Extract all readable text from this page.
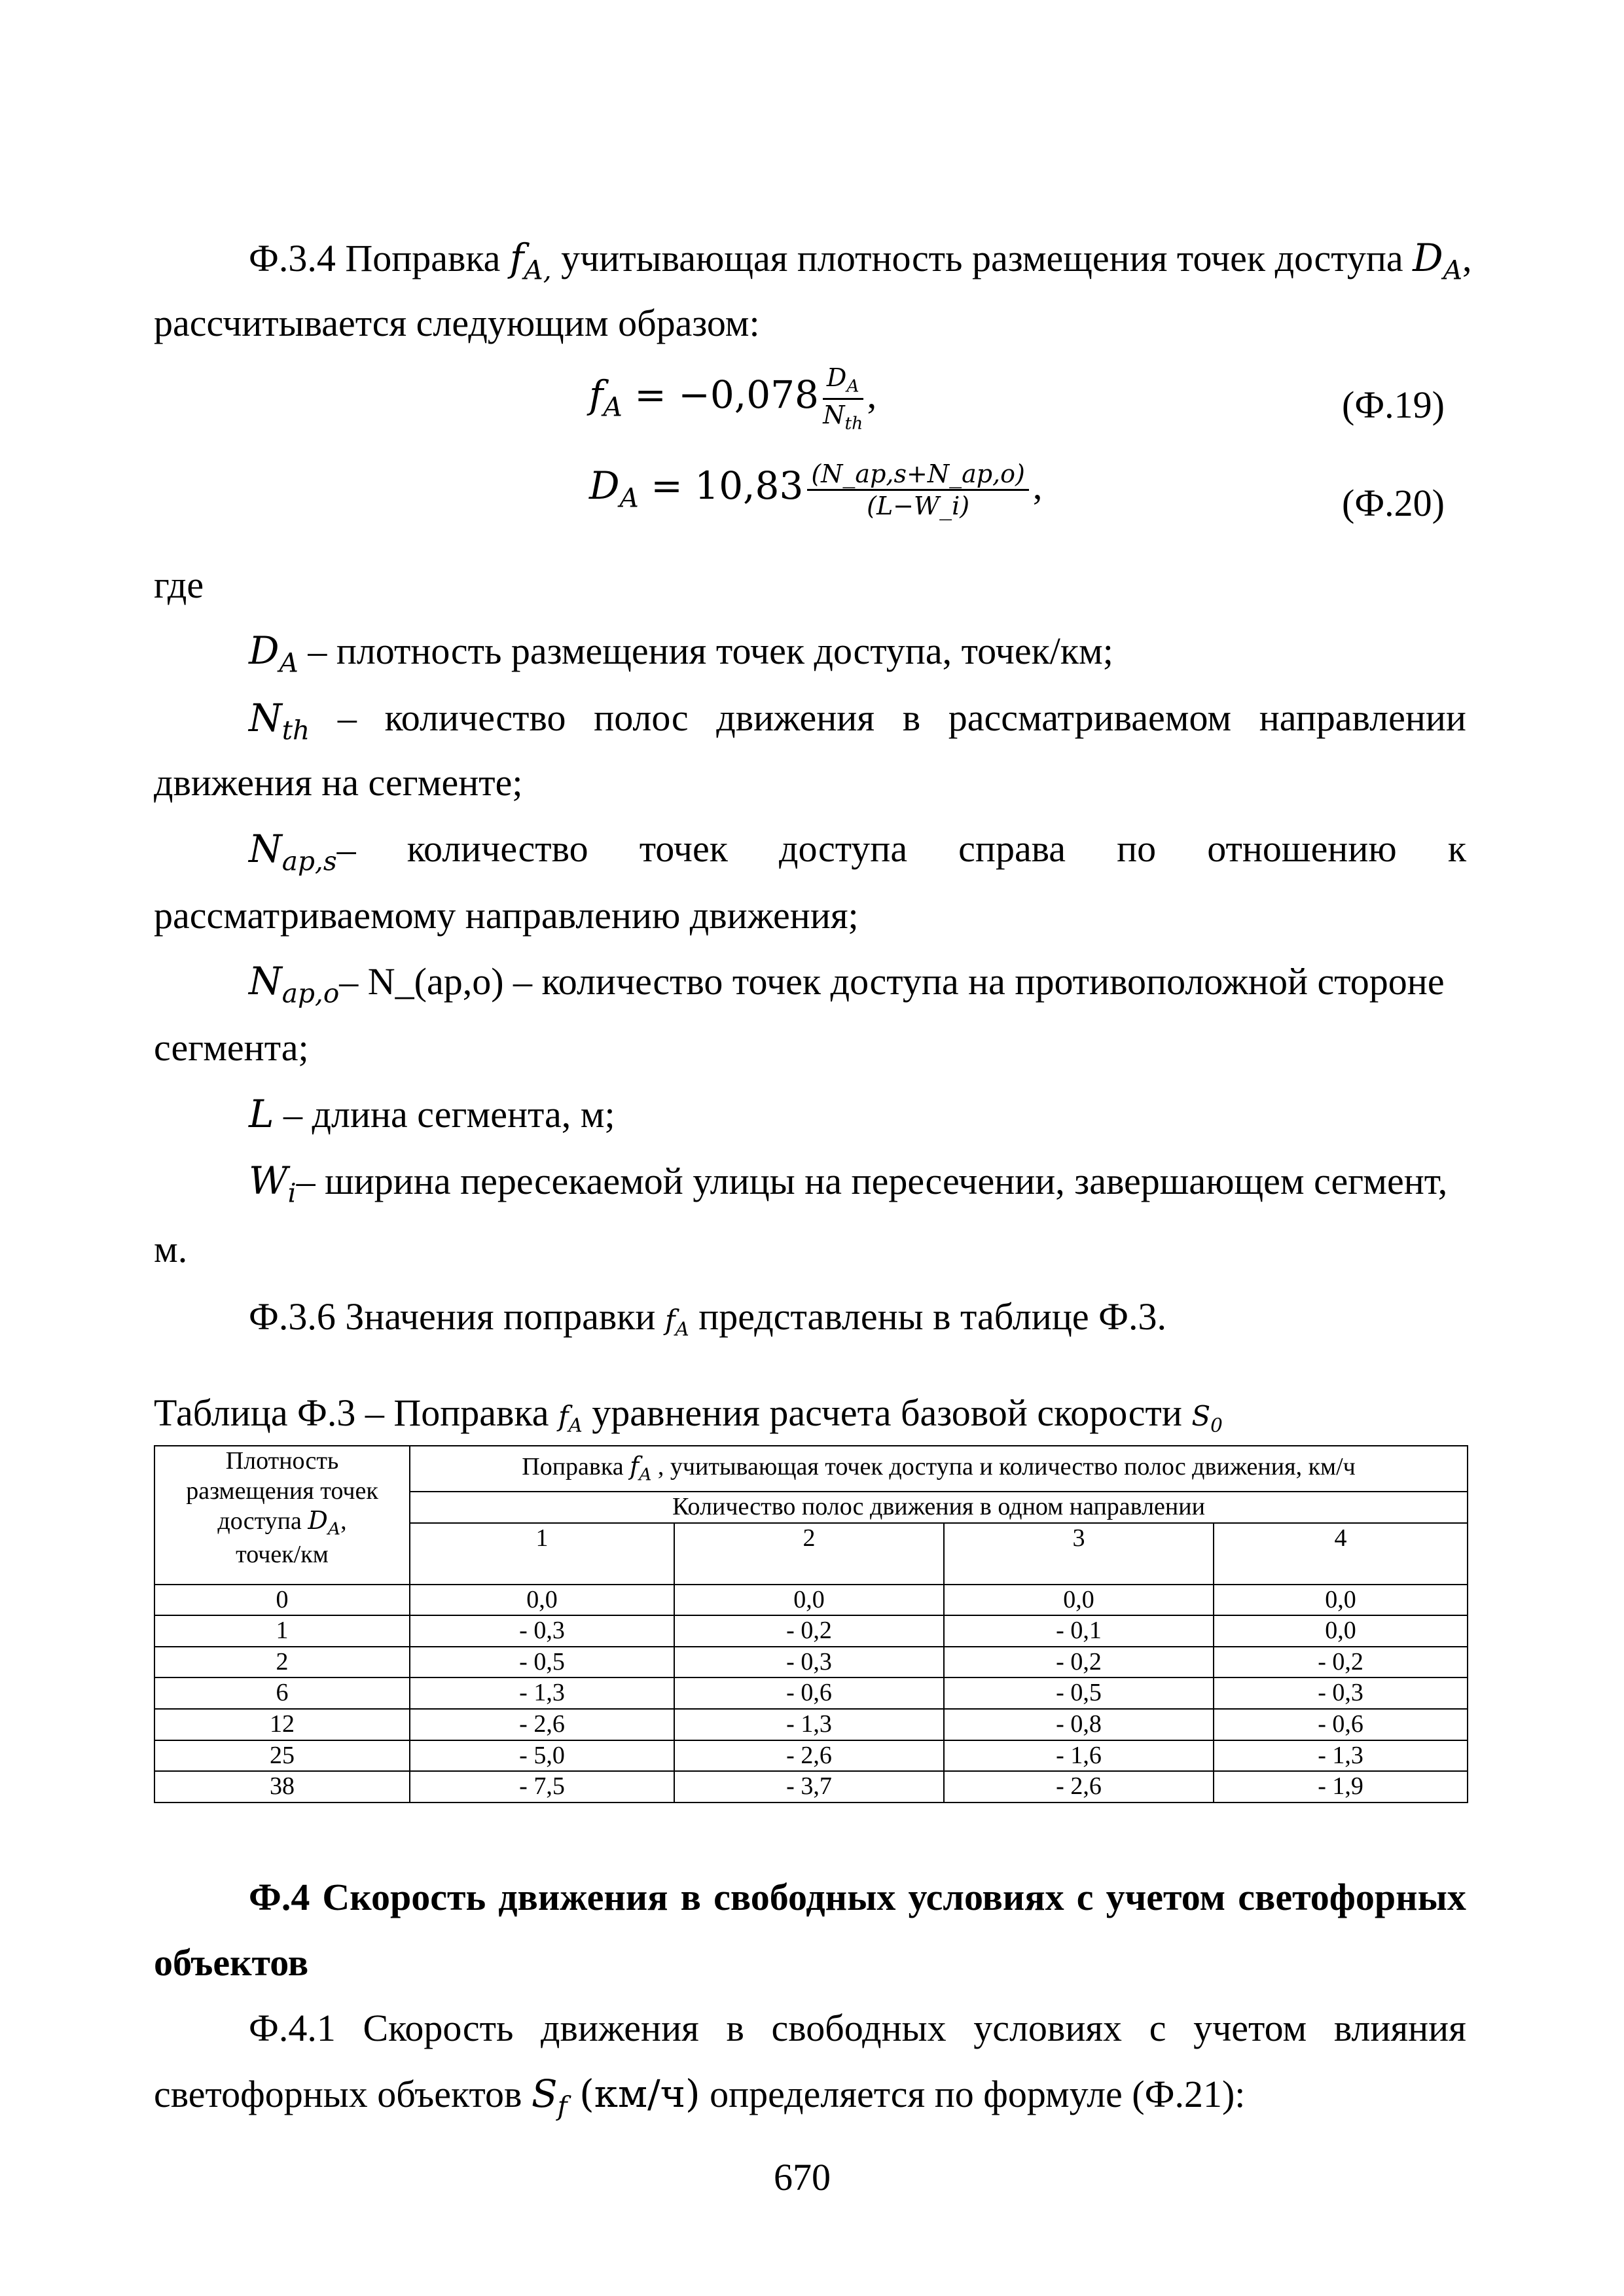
Ф.3.4 Поправка $f_{A,}$ учитывающая плотность размещения точек доступа $D_A$,
рассчитывается следующим образом:
$f_A = -0,078 \frac{D_A}{N_{th}}$ ,	(Ф.19)
$D_A = 10,83 \frac{(N\_ap,s+N\_ap,o)}{(L-W\_i)}$ ,	(Ф.20)
где
$D_A$ – плотность размещения точек доступа, точек/км;
$N_{th}$ – количество полос движения в рассматриваемом направлении
движения на сегменте;
$N_{ap,s}-$ количество точек доступа справа по отношению к
рассматриваемому направлению движения;
$N_{ap,o}-$ N_(ap,o) – количество точек доступа на противоположной стороне
сегмента;
L – длина сегмента, м;
$W_i-$ ширина пересекаемой улицы на пересечении, завершающем сегмент,
м.
Ф.3.6 Значения поправки $f_A$ представлены в таблице Ф.3.
Таблица Ф.3 – Поправка $f_A$ уравнения расчета базовой скорости $S_0$
Плотность
размещения точек
доступа $D_A$,
точек/км	Поправка $f_A$ , учитывающая точек доступа и количество полос движения, км/ч			
	Количество полос движения в одном направлении			
	1	2	3	4
0	0,0	0,0	0,0	0,0
1	- 0,3	- 0,2	- 0,1	0,0
2	- 0,5	- 0,3	- 0,2	- 0,2
6	- 1,3	- 0,6	- 0,5	- 0,3
12	- 2,6	- 1,3	- 0,8	- 0,6
25	- 5,0	- 2,6	- 1,6	- 1,3
38	- 7,5	- 3,7	- 2,6	- 1,9
Ф.4 Скорость движения в свободных условиях с учетом светофорных
объектов
Ф.4.1 Скорость движения в свободных условиях с учетом влияния
светофорных объектов $S_f$ (км/ч) определяется по формуле (Ф.21):
670
